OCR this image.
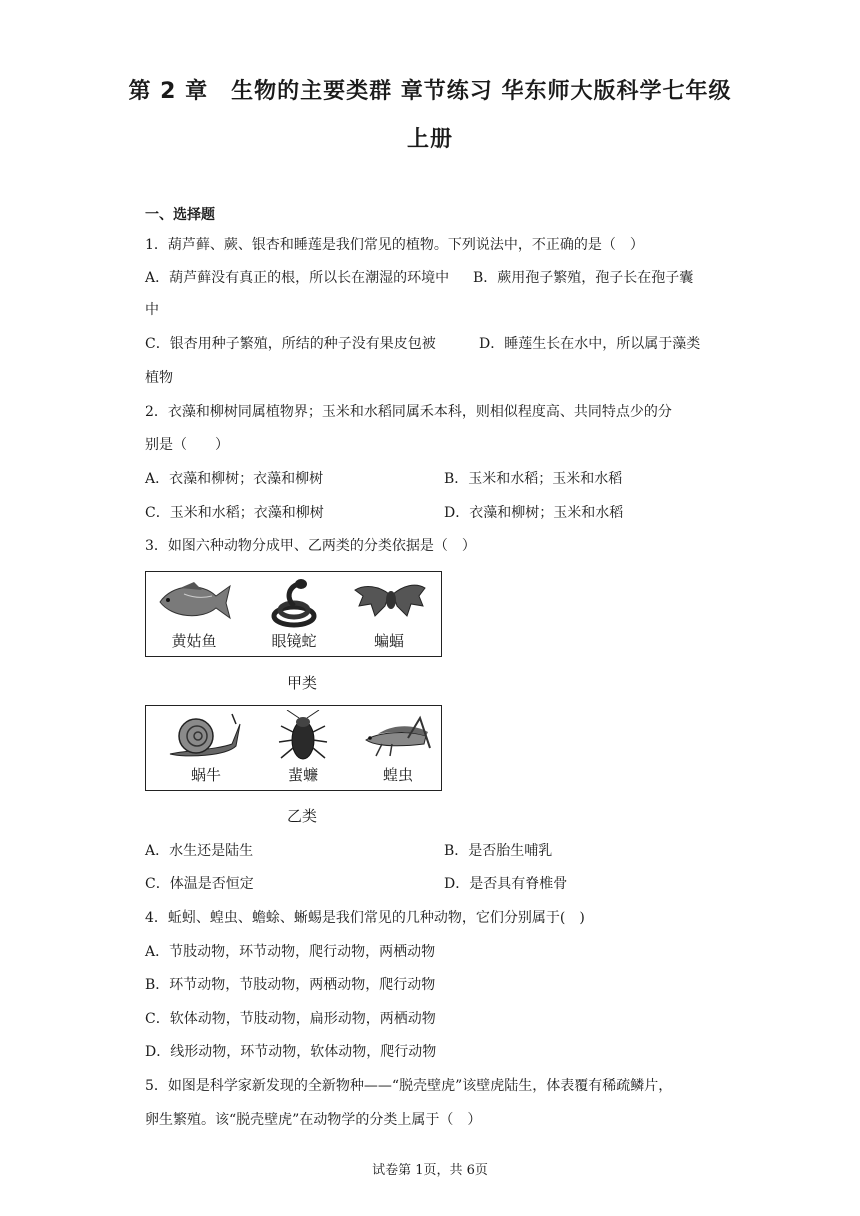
第 2 章　生物的主要类群 章节练习 华东师大版科学七年级
上册
一、选择题
1．葫芦藓、蕨、银杏和睡莲是我们常见的植物。下列说法中，不正确的是（　）
A．葫芦藓没有真正的根，所以长在潮湿的环境中 B．蕨用孢子繁殖，孢子长在孢子囊
中
C．银杏用种子繁殖，所结的种子没有果皮包被	D．睡莲生长在水中，所以属于藻类
植物
2．衣藻和柳树同属植物界；玉米和水稻同属禾本科，则相似程度高、共同特点少的分
别是（　　）
A．衣藻和柳树；衣藻和柳树	B．玉米和水稻；玉米和水稻
C．玉米和水稻；衣藻和柳树	D．衣藻和柳树；玉米和水稻
3．如图六种动物分成甲、乙两类的分类依据是（　）
黄姑鱼	眼镜蛇	蝙蝠
甲类
蜗牛	蜚蠊	蝗虫
乙类
A．水生还是陆生	B．是否胎生哺乳
C．体温是否恒定	D．是否具有脊椎骨
4．蚯蚓、蝗虫、蟾蜍、蜥蜴是我们常见的几种动物，它们分别属于(　)
A．节肢动物，环节动物，爬行动物，两栖动物
B．环节动物，节肢动物，两栖动物，爬行动物
C．软体动物，节肢动物，扁形动物，两栖动物
D．线形动物，环节动物，软体动物，爬行动物
5．如图是科学家新发现的全新物种——“脱壳壁虎”该壁虎陆生，体表覆有稀疏鳞片，
卵生繁殖。该“脱壳壁虎”在动物学的分类上属于（　）
试卷第 1页，共 6页
